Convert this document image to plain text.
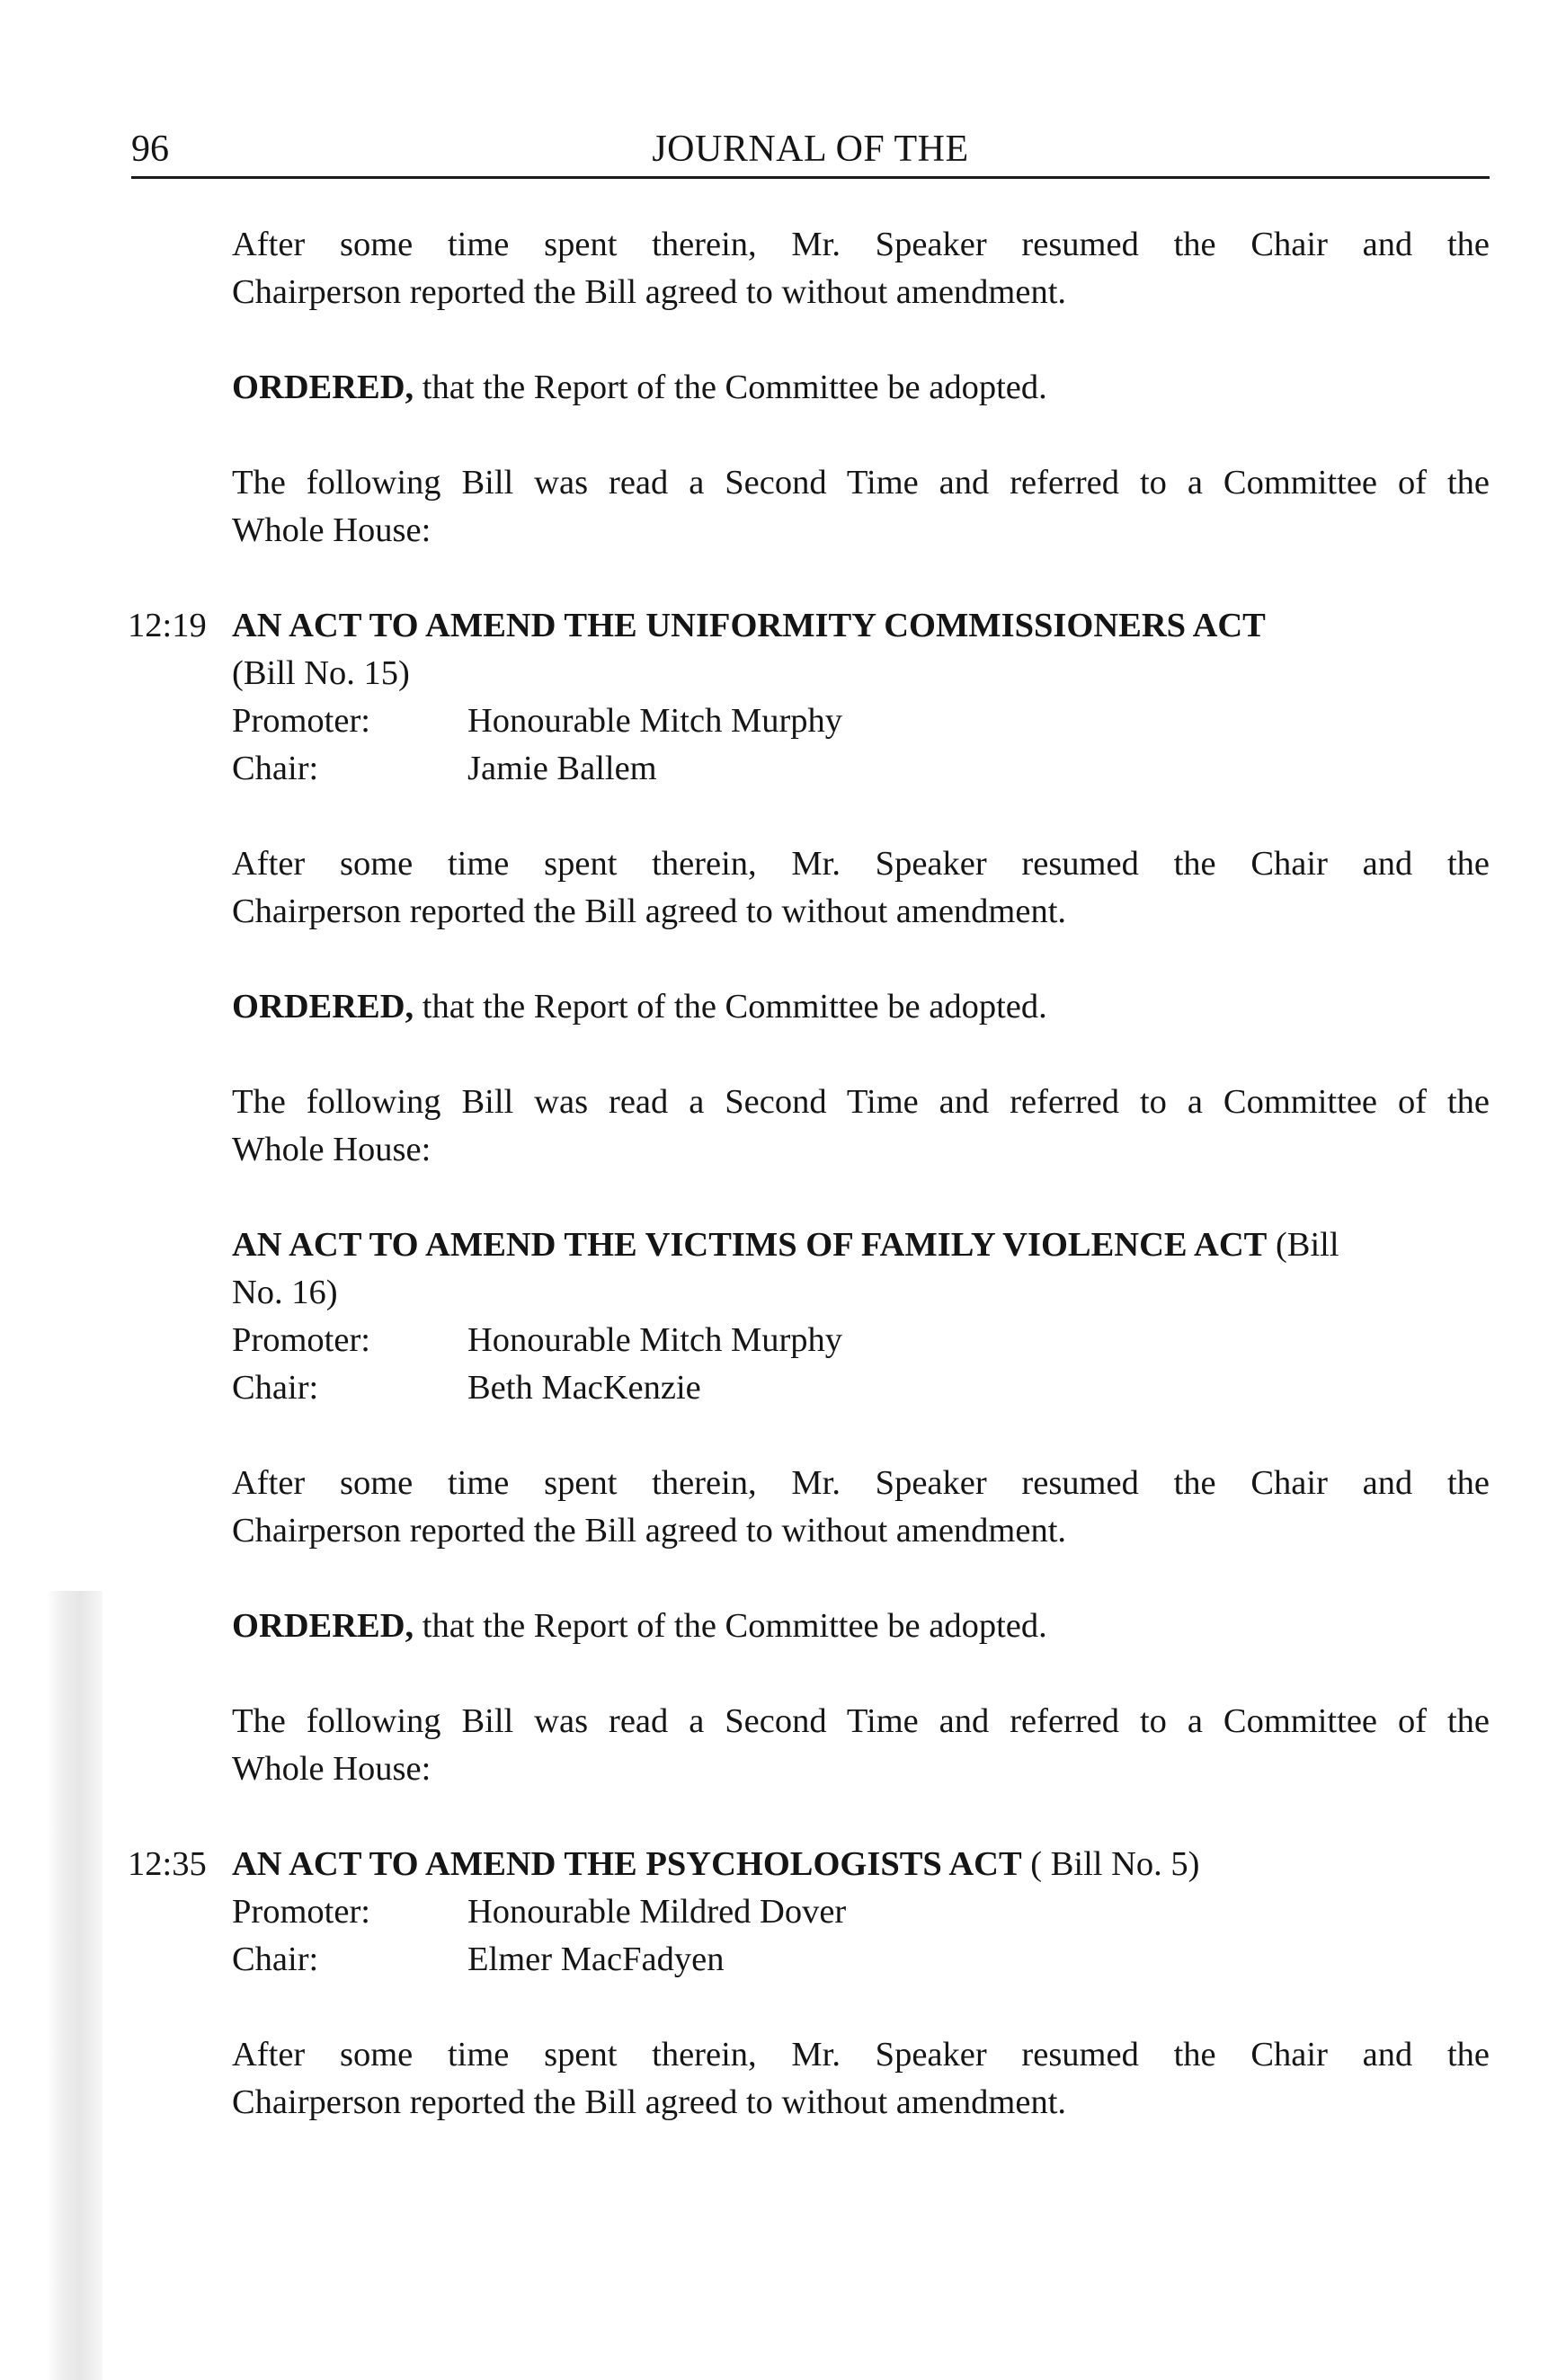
96	JOURNAL OF THE

After some time spent therein, Mr. Speaker resumed the Chair and the
Chairperson reported the Bill agreed to without amendment.

ORDERED, that the Report of the Committee be adopted.

The following Bill was read a Second Time and referred to a Committee of the
Whole House:

12:19 AN ACT TO AMEND THE UNIFORMITY COMMISSIONERS ACT
(Bill No. 15)

Promoter:	Honourable Mitch Murphy
Chair:	Jamie Ballem

After some time spent therein, Mr. Speaker resumed the Chair and the
Chairperson reported the Bill agreed to without amendment.

ORDERED, that the Report of the Committee be adopted.

The following Bill was read a Second Time and referred to a Committee of the
Whole House:

AN ACT TO AMEND THE VICTIMS OF FAMILY VIOLENCE ACT (Bill
No. 16)

Promoter:	Honourable Mitch Murphy
Chair:	Beth MacKenzie

After some time spent therein, Mr. Speaker resumed the Chair and the
Chairperson reported the Bill agreed to without amendment.

ORDERED, that the Report of the Committee be adopted.

The following Bill was read a Second Time and referred to a Committee of the
Whole House:

12:35 AN ACT TO AMEND THE PSYCHOLOGISTS ACT ( Bill No. 5)

Promoter:	Honourable Mildred Dover
Chair:	Elmer MacFadyen

After some time spent therein, Mr. Speaker resumed the Chair and the
Chairperson reported the Bill agreed to without amendment.
